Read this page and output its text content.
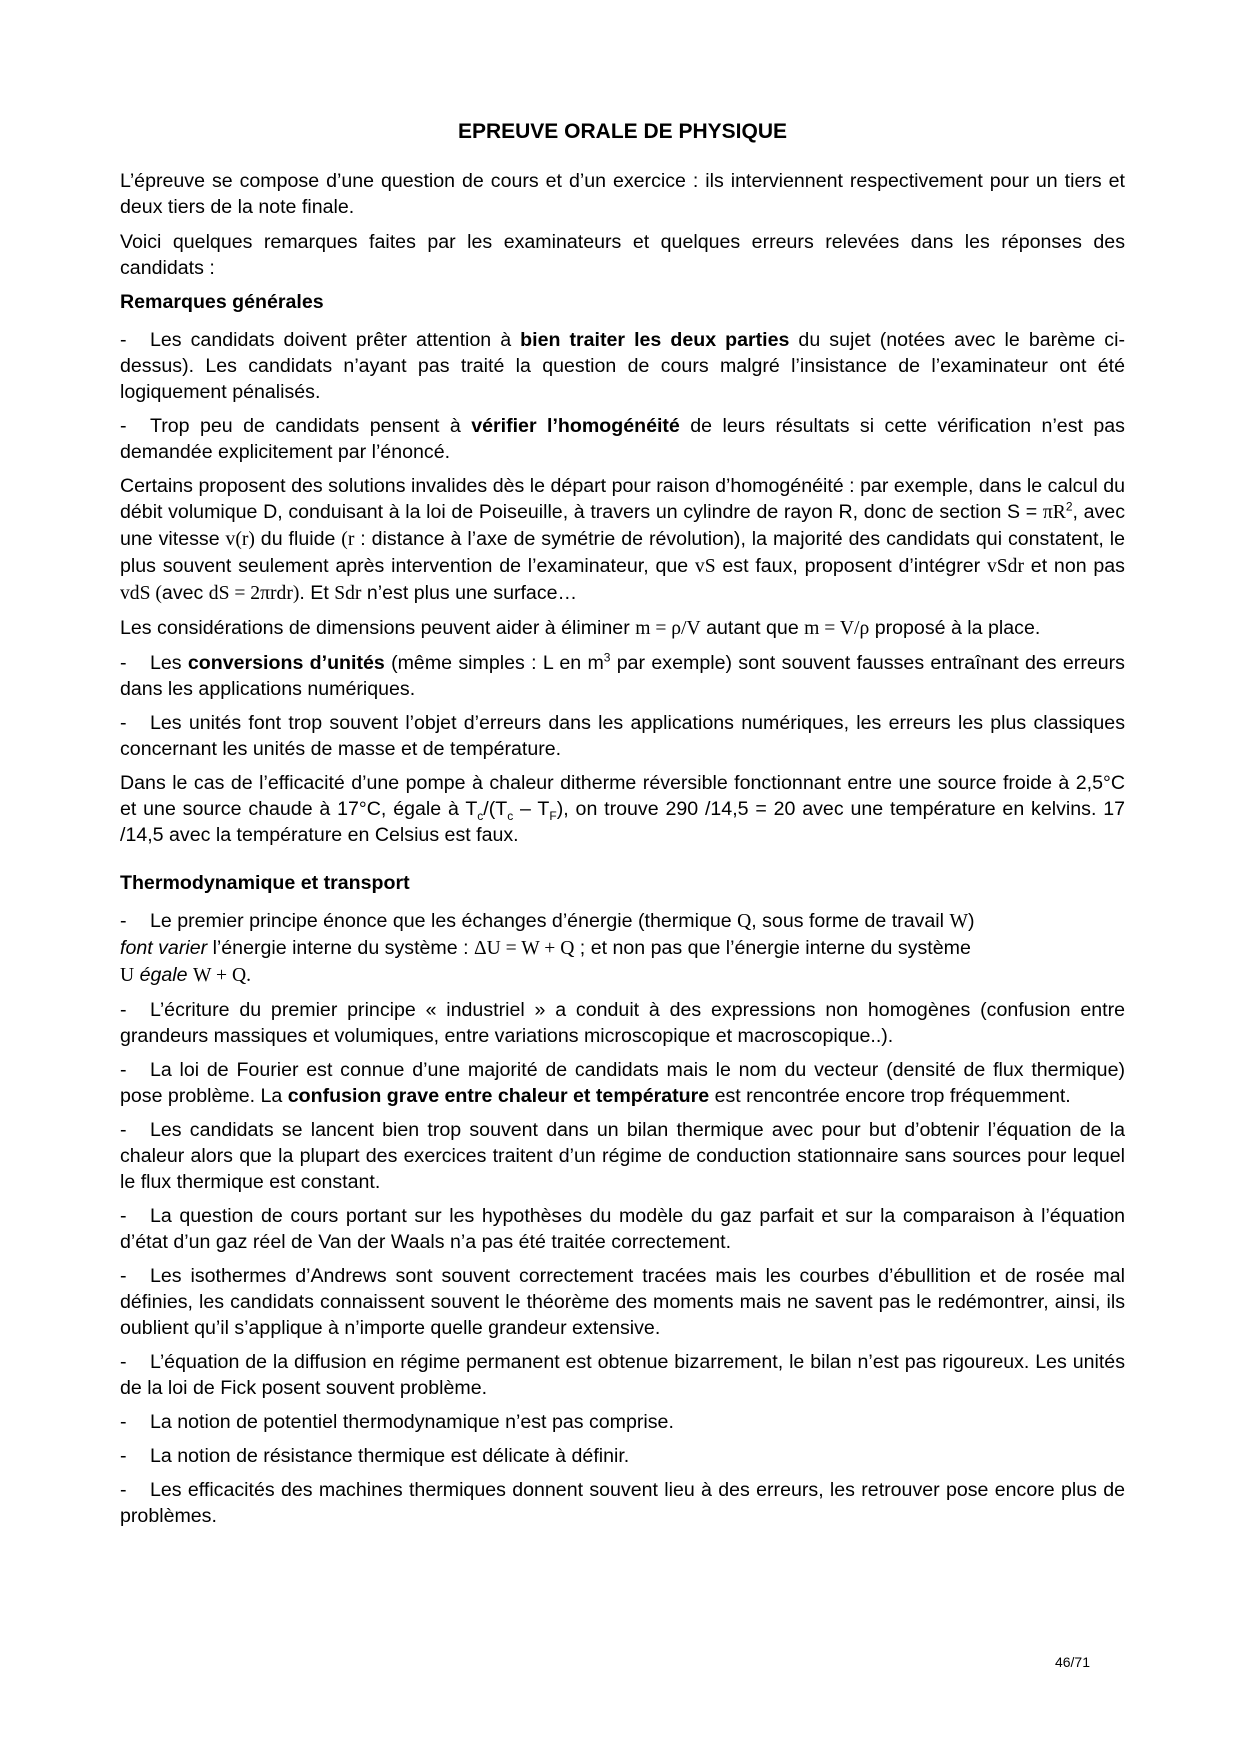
EPREUVE ORALE DE PHYSIQUE

L’épreuve se compose d’une question de cours et d’un exercice : ils interviennent respectivement pour un tiers et deux tiers de la note finale.

Voici quelques remarques faites par les examinateurs et quelques erreurs relevées dans les réponses des candidats :

Remarques générales

- Les candidats doivent prêter attention à bien traiter les deux parties du sujet (notées avec le barème ci-dessus). Les candidats n’ayant pas traité la question de cours malgré l’insistance de l’examinateur ont été logiquement pénalisés.

- Trop peu de candidats pensent à vérifier l’homogénéité de leurs résultats si cette vérification n’est pas demandée explicitement par l’énoncé.

Certains proposent des solutions invalides dès le départ pour raison d’homogénéité : par exemple, dans le calcul du débit volumique D, conduisant à la loi de Poiseuille, à travers un cylindre de rayon R, donc de section $S = \pi R^2$, avec une vitesse v(r) du fluide (r : distance à l’axe de symétrie de révolution), la majorité des candidats qui constatent, le plus souvent seulement après intervention de l’examinateur, que vS est faux, proposent d’intégrer vSdr et non pas vdS (avec dS = 2πrdr). Et Sdr n’est plus une surface…

Les considérations de dimensions peuvent aider à éliminer m = ρ/V autant que m = V/ρ proposé à la place.

- Les conversions d’unités (même simples : L en $m^3$ par exemple) sont souvent fausses entraînant des erreurs dans les applications numériques.

- Les unités font trop souvent l’objet d’erreurs dans les applications numériques, les erreurs les plus classiques concernant les unités de masse et de température.

Dans le cas de l’efficacité d’une pompe à chaleur ditherme réversible fonctionnant entre une source froide à 2,5°C et une source chaude à 17°C, égale à $T_c/(T_c - T_F)$, on trouve 290 /14,5 = 20 avec une température en kelvins. 17 /14,5 avec la température en Celsius est faux.

Thermodynamique et transport

- Le premier principe énonce que les échanges d’énergie (thermique Q, sous forme de travail W)
font varier l’énergie interne du système : ΔU = W + Q ; et non pas que l’énergie interne du système
U égale W + Q.

- L’écriture du premier principe « industriel » a conduit à des expressions non homogènes (confusion entre grandeurs massiques et volumiques, entre variations microscopique et macroscopique..).

- La loi de Fourier est connue d’une majorité de candidats mais le nom du vecteur (densité de flux thermique) pose problème. La confusion grave entre chaleur et température est rencontrée encore trop fréquemment.

- Les candidats se lancent bien trop souvent dans un bilan thermique avec pour but d’obtenir l’équation de la chaleur alors que la plupart des exercices traitent d’un régime de conduction stationnaire sans sources pour lequel le flux thermique est constant.

- La question de cours portant sur les hypothèses du modèle du gaz parfait et sur la comparaison à l’équation d’état d’un gaz réel de Van der Waals n’a pas été traitée correctement.

- Les isothermes d’Andrews sont souvent correctement tracées mais les courbes d’ébullition et de rosée mal définies, les candidats connaissent souvent le théorème des moments mais ne savent pas le redémontrer, ainsi, ils oublient qu’il s’applique à n’importe quelle grandeur extensive.

- L’équation de la diffusion en régime permanent est obtenue bizarrement, le bilan n’est pas rigoureux. Les unités de la loi de Fick posent souvent problème.

- La notion de potentiel thermodynamique n’est pas comprise.

- La notion de résistance thermique est délicate à définir.

- Les efficacités des machines thermiques donnent souvent lieu à des erreurs, les retrouver pose encore plus de problèmes.

46/71
